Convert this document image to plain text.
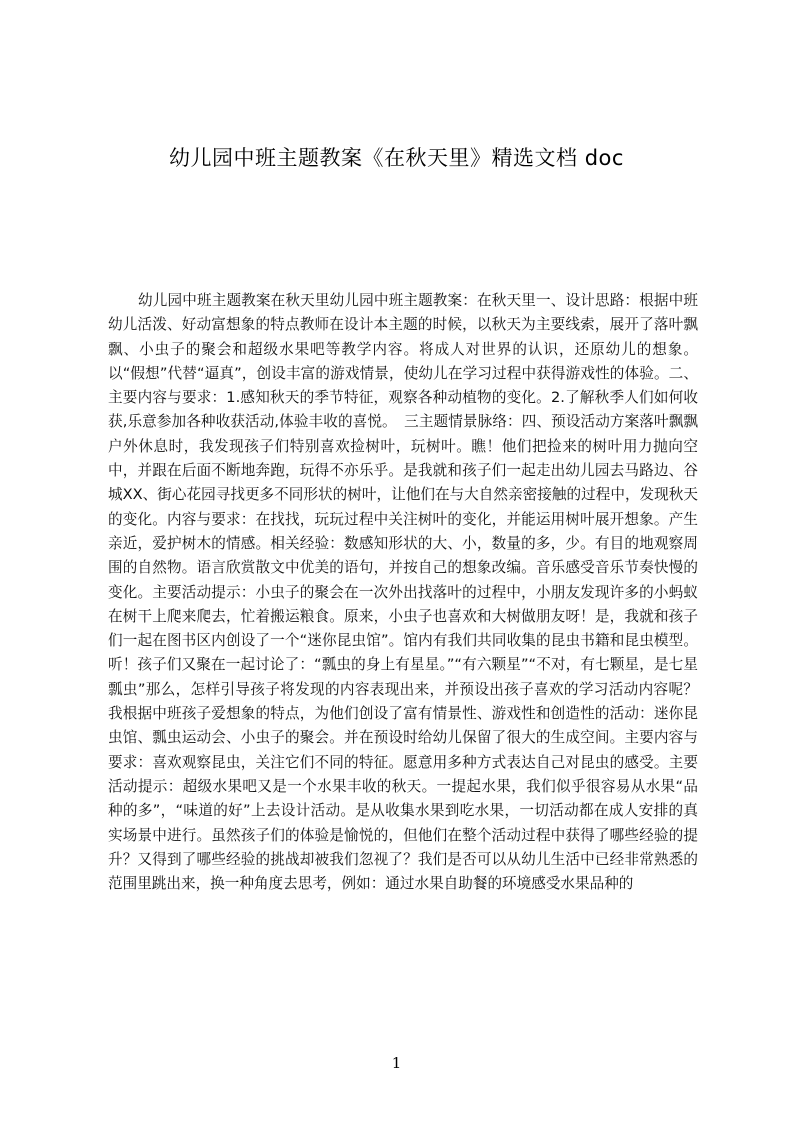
幼儿园中班主题教案《在秋天里》精选文档 doc

幼儿园中班主题教案在秋天里幼儿园中班主题教案：在秋天里一、设计思路：根据中班幼儿活泼、好动富想象的特点教师在设计本主题的时候，以秋天为主要线索，展开了落叶飘飘、小虫子的聚会和超级水果吧等教学内容。将成人对世界的认识，还原幼儿的想象。以“假想”代替“逼真”，创设丰富的游戏情景，使幼儿在学习过程中获得游戏性的体验。二、主要内容与要求：1.感知秋天的季节特征，观察各种动植物的变化。2.了解秋季人们如何收获,乐意参加各种收获活动,体验丰收的喜悦。　三主题情景脉络：四、预设活动方案落叶飘飘户外休息时，我发现孩子们特别喜欢捡树叶，玩树叶。瞧！他们把捡来的树叶用力抛向空中，并跟在后面不断地奔跑，玩得不亦乐乎。是我就和孩子们一起走出幼儿园去马路边、谷城XX、街心花园寻找更多不同形状的树叶，让他们在与大自然亲密接触的过程中，发现秋天的变化。内容与要求：在找找，玩玩过程中关注树叶的变化，并能运用树叶展开想象。产生亲近，爱护树木的情感。相关经验：数感知形状的大、小，数量的多，少。有目的地观察周围的自然物。语言欣赏散文中优美的语句，并按自己的想象改编。音乐感受音乐节奏快慢的变化。主要活动提示：小虫子的聚会在一次外出找落叶的过程中，小朋友发现许多的小蚂蚁在树干上爬来爬去，忙着搬运粮食。原来，小虫子也喜欢和大树做朋友呀！是，我就和孩子们一起在图书区内创设了一个“迷你昆虫馆”。馆内有我们共同收集的昆虫书籍和昆虫模型。听！孩子们又聚在一起讨论了：“瓢虫的身上有星星。”“有六颗星”“不对，有七颗星，是七星瓢虫”那么，怎样引导孩子将发现的内容表现出来，并预设出孩子喜欢的学习活动内容呢？我根据中班孩子爱想象的特点，为他们创设了富有情景性、游戏性和创造性的活动：迷你昆虫馆、瓢虫运动会、小虫子的聚会。并在预设时给幼儿保留了很大的生成空间。主要内容与要求：喜欢观察昆虫，关注它们不同的特征。愿意用多种方式表达自己对昆虫的感受。主要活动提示：超级水果吧又是一个水果丰收的秋天。一提起水果，我们似乎很容易从水果“品种的多”，“味道的好”上去设计活动。是从收集水果到吃水果，一切活动都在成人安排的真实场景中进行。虽然孩子们的体验是愉悦的，但他们在整个活动过程中获得了哪些经验的提升？又得到了哪些经验的挑战却被我们忽视了？我们是否可以从幼儿生活中已经非常熟悉的范围里跳出来，换一种角度去思考，例如：通过水果自助餐的环境感受水果品种的

1
